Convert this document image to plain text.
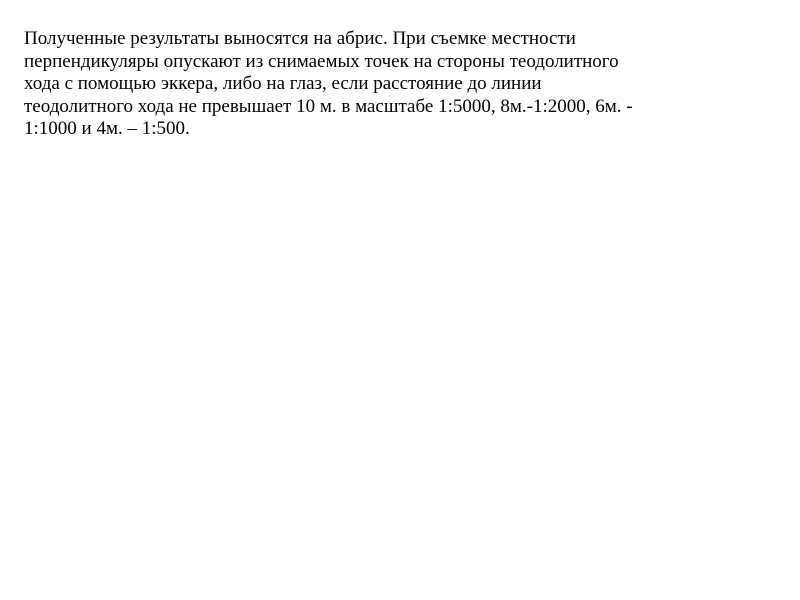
Полученные результаты выносятся на абрис. При съемке местности
перпендикуляры опускают из снимаемых точек на стороны теодолитного
хода с помощью эккера, либо на глаз, если расстояние до линии
теодолитного хода не превышает 10 м. в масштабе 1:5000, 8м.-1:2000, 6м. -
1:1000 и 4м. – 1:500.
